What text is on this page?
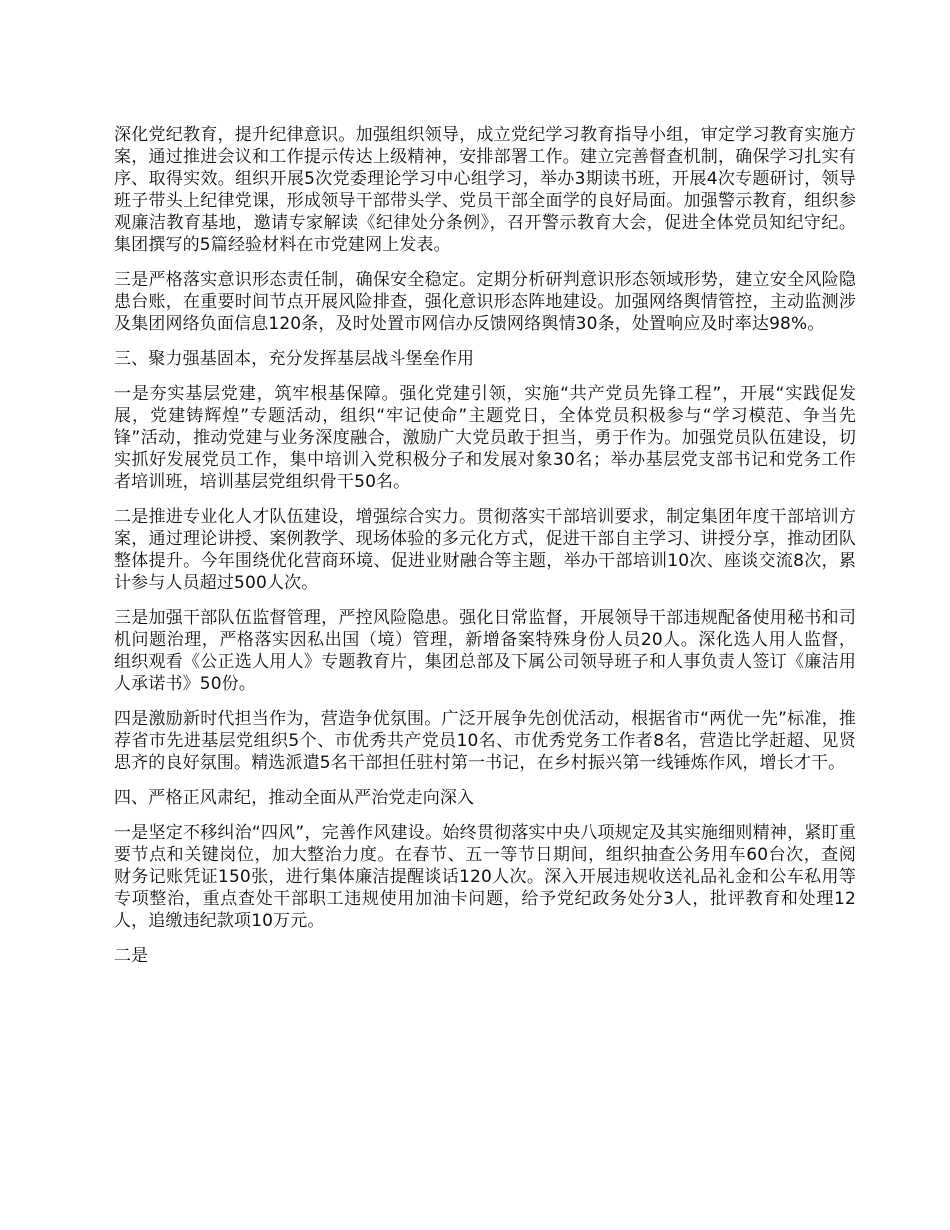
深化党纪教育，提升纪律意识。加强组织领导，成立党纪学习教育指导小组，审定学习教育实施方案，通过推进会议和工作提示传达上级精神，安排部署工作。建立完善督查机制，确保学习扎实有序、取得实效。组织开展5次党委理论学习中心组学习，举办3期读书班，开展4次专题研讨，领导班子带头上纪律党课，形成领导干部带头学、党员干部全面学的良好局面。加强警示教育，组织参观廉洁教育基地，邀请专家解读《纪律处分条例》，召开警示教育大会，促进全体党员知纪守纪。集团撰写的5篇经验材料在市党建网上发表。

三是严格落实意识形态责任制，确保安全稳定。定期分析研判意识形态领域形势，建立安全风险隐患台账，在重要时间节点开展风险排查，强化意识形态阵地建设。加强网络舆情管控，主动监测涉及集团网络负面信息120条，及时处置市网信办反馈网络舆情30条，处置响应及时率达98%。

三、聚力强基固本，充分发挥基层战斗堡垒作用

一是夯实基层党建，筑牢根基保障。强化党建引领，实施“共产党员先锋工程”，开展“实践促发展，党建铸辉煌”专题活动，组织“牢记使命”主题党日，全体党员积极参与“学习模范、争当先锋”活动，推动党建与业务深度融合，激励广大党员敢于担当，勇于作为。加强党员队伍建设，切实抓好发展党员工作，集中培训入党积极分子和发展对象30名；举办基层党支部书记和党务工作者培训班，培训基层党组织骨干50名。

二是推进专业化人才队伍建设，增强综合实力。贯彻落实干部培训要求，制定集团年度干部培训方案，通过理论讲授、案例教学、现场体验的多元化方式，促进干部自主学习、讲授分享，推动团队整体提升。今年围绕优化营商环境、促进业财融合等主题，举办干部培训10次、座谈交流8次，累计参与人员超过500人次。

三是加强干部队伍监督管理，严控风险隐患。强化日常监督，开展领导干部违规配备使用秘书和司机问题治理，严格落实因私出国（境）管理，新增备案特殊身份人员20人。深化选人用人监督，组织观看《公正选人用人》专题教育片，集团总部及下属公司领导班子和人事负责人签订《廉洁用人承诺书》50份。

四是激励新时代担当作为，营造争优氛围。广泛开展争先创优活动，根据省市“两优一先”标准，推荐省市先进基层党组织5个、市优秀共产党员10名、市优秀党务工作者8名，营造比学赶超、见贤思齐的良好氛围。精选派遣5名干部担任驻村第一书记，在乡村振兴第一线锤炼作风，增长才干。

四、严格正风肃纪，推动全面从严治党走向深入

一是坚定不移纠治“四风”，完善作风建设。始终贯彻落实中央八项规定及其实施细则精神，紧盯重要节点和关键岗位，加大整治力度。在春节、五一等节日期间，组织抽查公务用车60台次，查阅财务记账凭证150张，进行集体廉洁提醒谈话120人次。深入开展违规收送礼品礼金和公车私用等专项整治，重点查处干部职工违规使用加油卡问题，给予党纪政务处分3人，批评教育和处理12人，追缴违纪款项10万元。

二是
